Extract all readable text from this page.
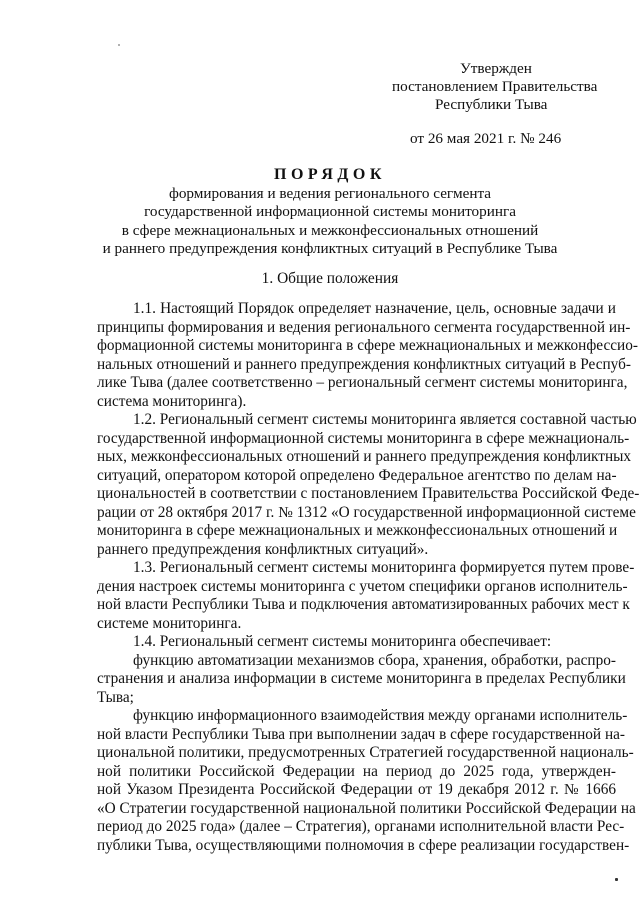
Утвержден
постановлением Правительства
Республики Тыва
от 26 мая 2021 г. № 246
ПОРЯДОК
формирования и ведения регионального сегмента
государственной информационной системы мониторинга
в сфере межнациональных и межконфессиональных отношений
и раннего предупреждения конфликтных ситуаций в Республике Тыва
1. Общие положения
1.1. Настоящий Порядок определяет назначение, цель, основные задачи и
принципы формирования и ведения регионального сегмента государственной ин-
формационной системы мониторинга в сфере межнациональных и межконфессио-
нальных отношений и раннего предупреждения конфликтных ситуаций в Респуб-
лике Тыва (далее соответственно – региональный сегмент системы мониторинга,
система мониторинга).
1.2. Региональный сегмент системы мониторинга является составной частью
государственной информационной системы мониторинга в сфере межнациональ-
ных, межконфессиональных отношений и раннего предупреждения конфликтных
ситуаций, оператором которой определено Федеральное агентство по делам на-
циональностей в соответствии с постановлением Правительства Российской Феде-
рации от 28 октября 2017 г. № 1312 «О государственной информационной системе
мониторинга в сфере межнациональных и межконфессиональных отношений и
раннего предупреждения конфликтных ситуаций».
1.3. Региональный сегмент системы мониторинга формируется путем прове-
дения настроек системы мониторинга с учетом специфики органов исполнитель-
ной власти Республики Тыва и подключения автоматизированных рабочих мест к
системе мониторинга.
1.4. Региональный сегмент системы мониторинга обеспечивает:
функцию автоматизации механизмов сбора, хранения, обработки, распро-
странения и анализа информации в системе мониторинга в пределах Республики
Тыва;
функцию информационного взаимодействия между органами исполнитель-
ной власти Республики Тыва при выполнении задач в сфере государственной на-
циональной политики, предусмотренных Стратегией государственной националь-
ной политики Российской Федерации на период до 2025 года, утвержден-
ной Указом Президента Российской Федерации от 19 декабря 2012 г. № 1666
«О Стратегии государственной национальной политики Российской Федерации на
период до 2025 года» (далее – Стратегия), органами исполнительной власти Рес-
публики Тыва, осуществляющими полномочия в сфере реализации государствен-
